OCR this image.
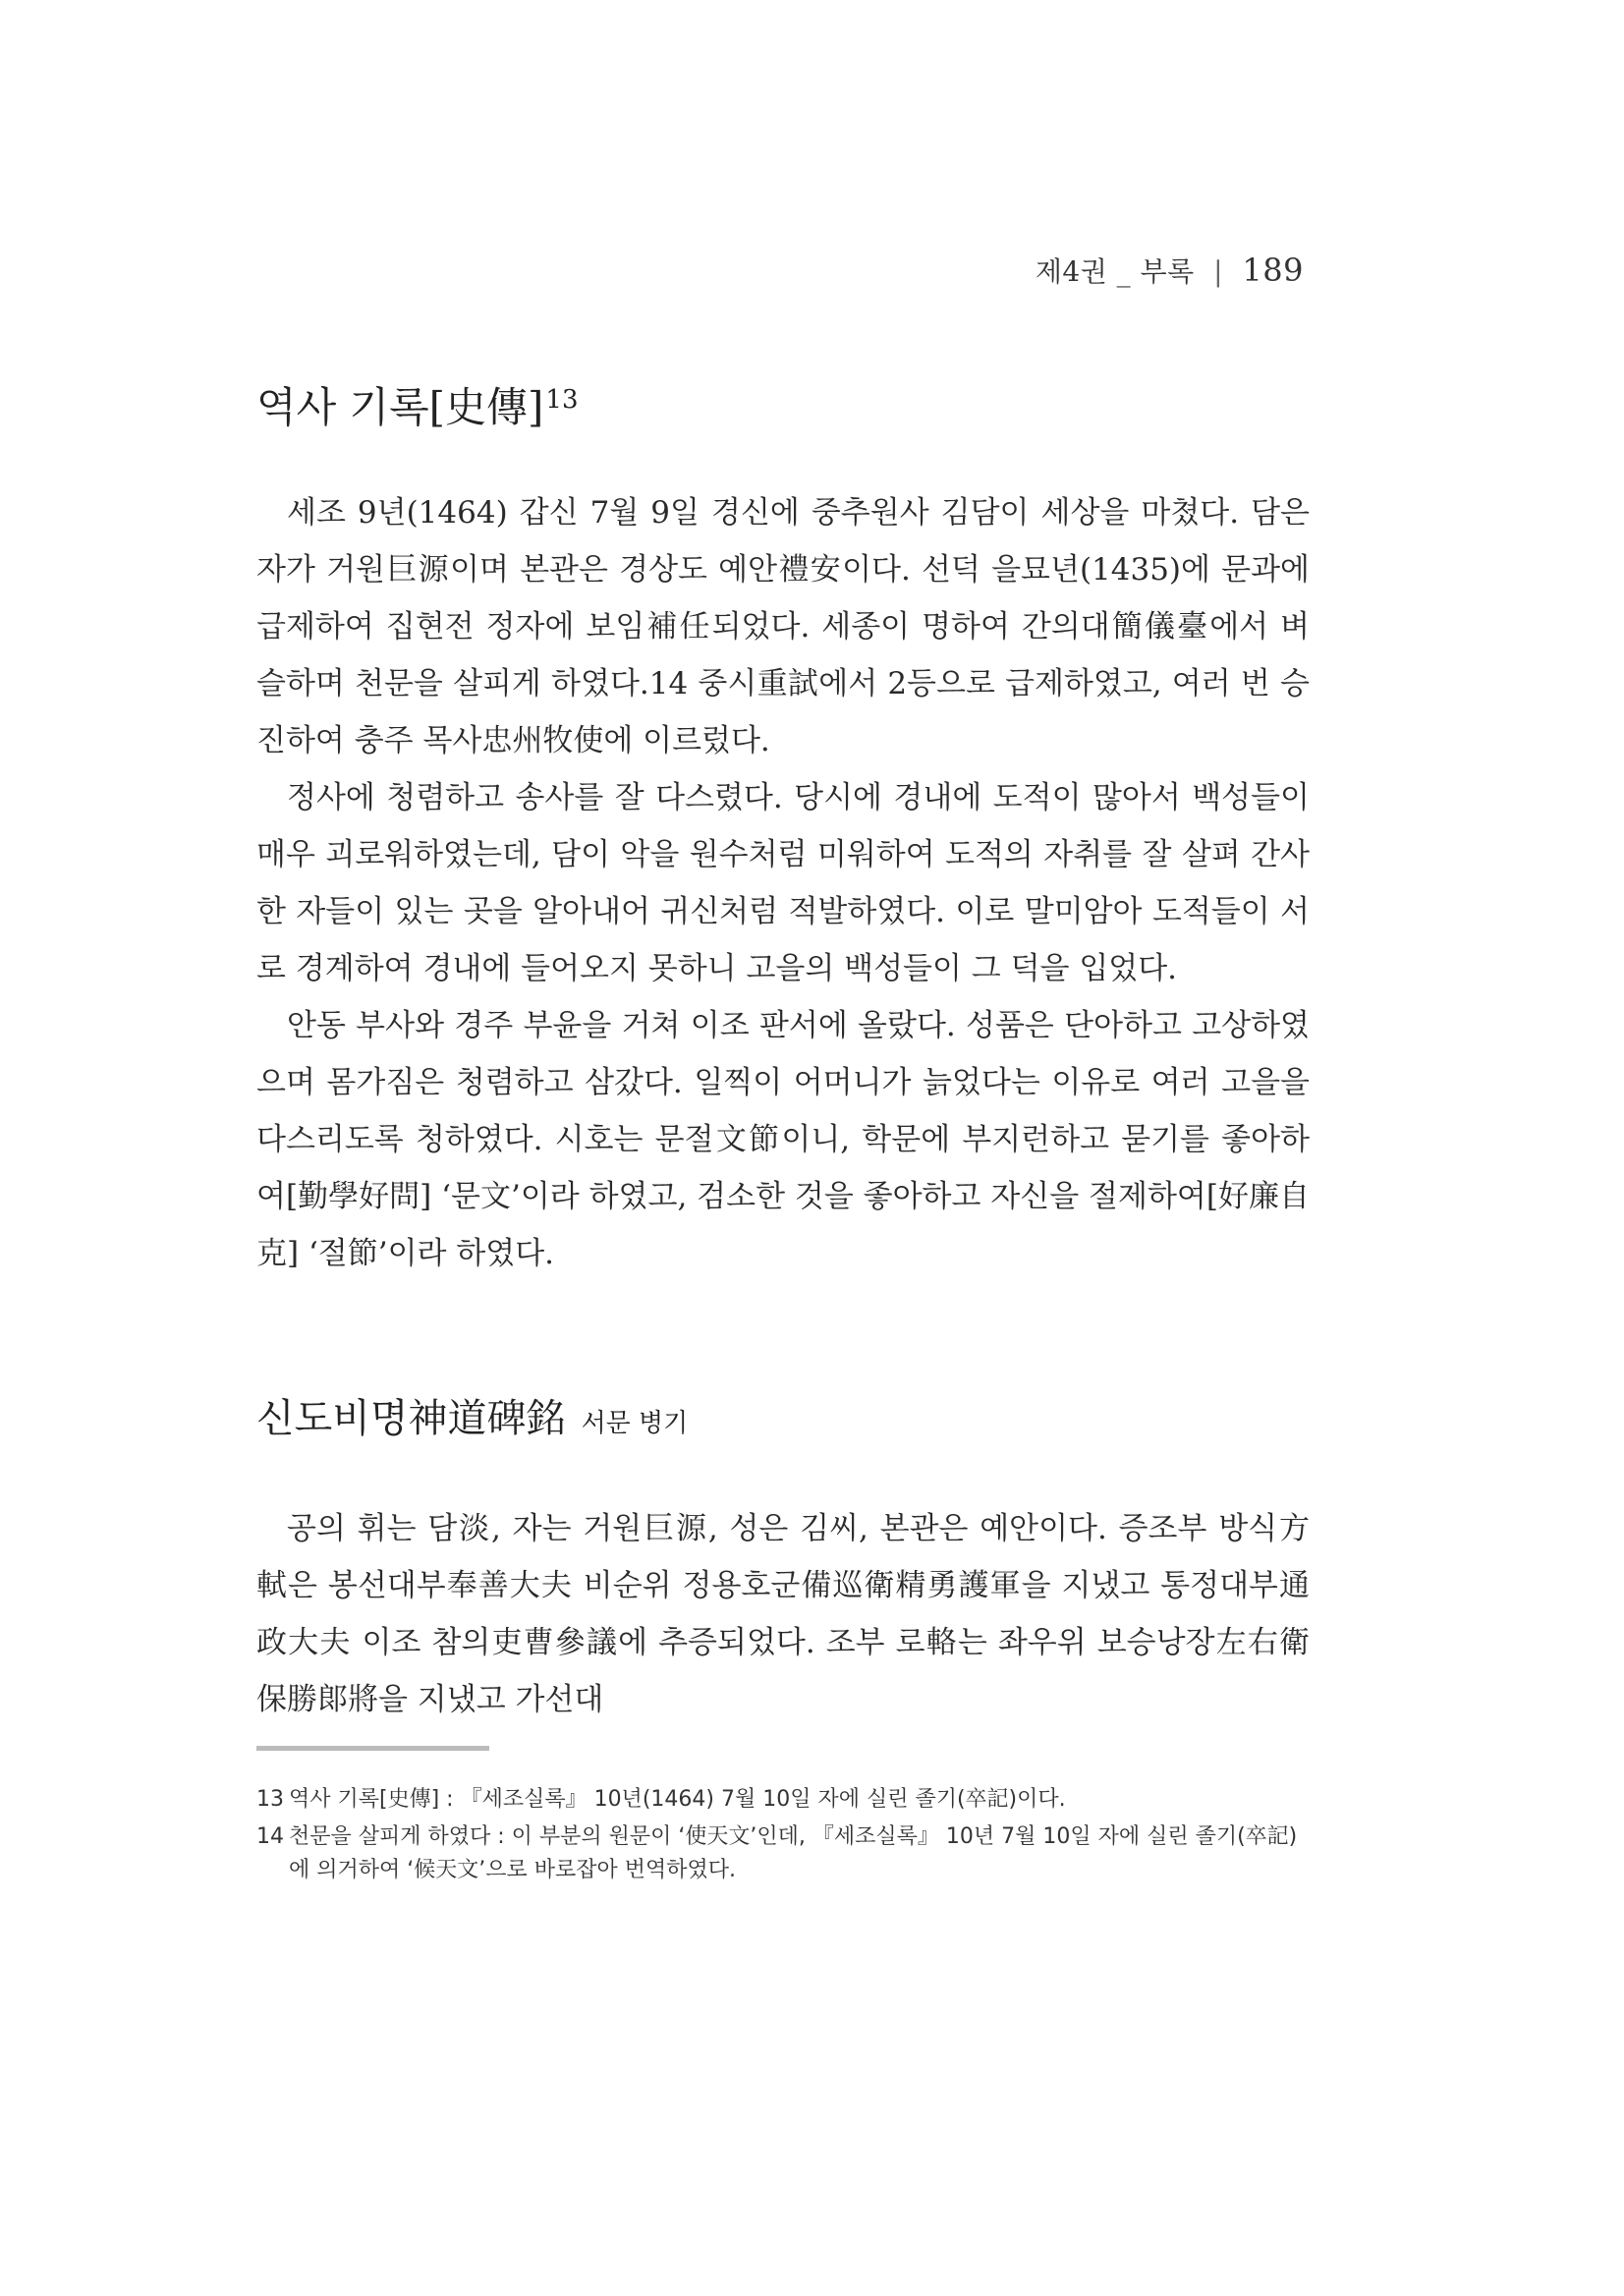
제4권 _ 부록 | 189
역사 기록[史傳]$^{13}$

세조 9년(1464) 갑신 7월 9일 경신에 중추원사 김담이 세상을 마쳤다. 담은 자가 거원巨源이며 본관은 경상도 예안禮安이다. 선덕 을묘년(1435)에 문과에 급제하여 집현전 정자에 보임補任되었다. 세종이 명하여 간의대簡儀臺에서 벼슬하며 천문을 살피게 하였다.14 중시重試에서 2등으로 급제하였고, 여러 번 승진하여 충주 목사忠州牧使에 이르렀다.

정사에 청렴하고 송사를 잘 다스렸다. 당시에 경내에 도적이 많아서 백성들이 매우 괴로워하였는데, 담이 악을 원수처럼 미워하여 도적의 자취를 잘 살펴 간사한 자들이 있는 곳을 알아내어 귀신처럼 적발하였다. 이로 말미암아 도적들이 서로 경계하여 경내에 들어오지 못하니 고을의 백성들이 그 덕을 입었다.

안동 부사와 경주 부윤을 거쳐 이조 판서에 올랐다. 성품은 단아하고 고상하였으며 몸가짐은 청렴하고 삼갔다. 일찍이 어머니가 늙었다는 이유로 여러 고을을 다스리도록 청하였다. 시호는 문절文節이니, 학문에 부지런하고 묻기를 좋아하여[勤學好問] ‘문文’이라 하였고, 검소한 것을 좋아하고 자신을 절제하여[好廉自克] ‘절節’이라 하였다.

신도비명神道碑銘 서문 병기

공의 휘는 담淡, 자는 거원巨源, 성은 김씨, 본관은 예안이다. 증조부 방식方軾은 봉선대부奉善大夫 비순위 정용호군備巡衛精勇護軍을 지냈고 통정대부通政大夫 이조 참의吏曹參議에 추증되었다. 조부 로輅는 좌우위 보승낭장左右衛保勝郞將을 지냈고 가선대

13 역사 기록[史傳] : 『세조실록』 10년(1464) 7월 10일 자에 실린 졸기(卒記)이다.

14 천문을 살피게 하였다 : 이 부분의 원문이 ‘使天文’인데, 『세조실록』 10년 7월 10일 자에 실린 졸기(卒記)에 의거하여 ‘候天文’으로 바로잡아 번역하였다.
